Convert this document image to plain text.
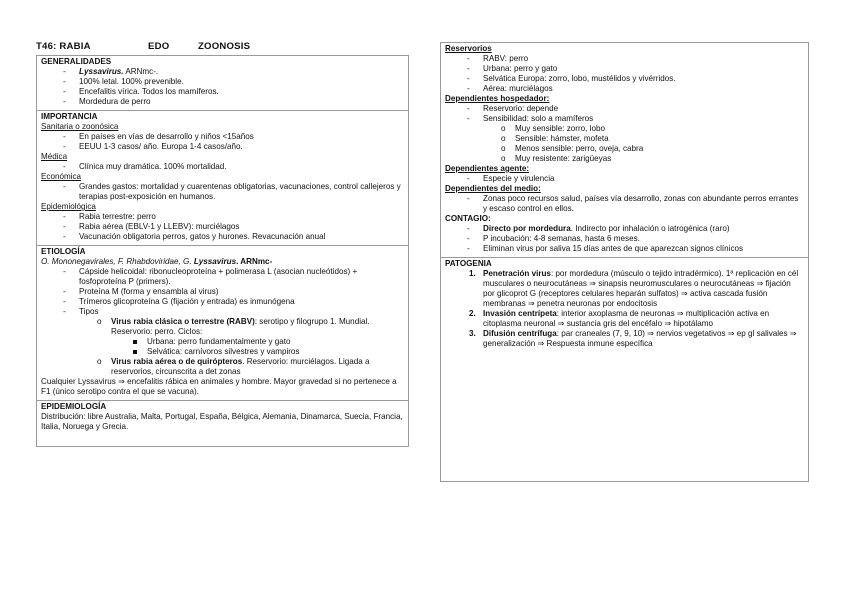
T46: RABIA	EDO	ZOONOSIS
GENERALIDADES
- Lyssavirus. ARNmc-.
- 100% letal. 100% prevenible.
- Encefalitis vírica. Todos los mamíferos.
- Mordedura de perro
IMPORTANCIA
Sanitaria o zoonósica
- En países en vías de desarrollo y niños <15años
- EEUU 1-3 casos/ año. Europa 1-4 casos/año.
Médica
- Clínica muy dramática. 100% mortalidad.
Económica
- Grandes gastos: mortalidad y cuarentenas obligatorias, vacunaciones, control callejeros y terapias post-exposición en humanos.
Epidemiológica
- Rabia terrestre: perro
- Rabia aérea (EBLV-1 y LLEBV): murciélagos
- Vacunación obligatoria perros, gatos y hurones. Revacunación anual
ETIOLOGÍA
O. Mononegavirales, F. Rhabdoviridae, G. Lyssavirus. ARNmc-
- Cápside helicoidal: ribonucleoproteína + polimerasa L (asocian nucleótidos) + fosfoproteína P (primers).
- Proteína M (forma y ensambla al virus)
- Trímeros glicoproteína G (fijación y entrada) es inmunógena
- Tipos
o Virus rabia clásica o terrestre (RABV): serotipo y filogrupo 1. Mundial. Reservorio: perro. Ciclos:
Urbana: perro fundamentalmente y gato
Selvática: carnívoros silvestres y vampiros
o Virus rabia aérea o de quirópteros. Reservorio: murciélagos. Ligada a reservorios, circunscrita a det zonas
Cualquier Lyssavirus ⇒ encefalitis rábica en animales y hombre. Mayor gravedad si no pertenece a F1 (único serotipo contra el que se vacuna).
EPIDEMIOLOGÍA
Distribución: libre Australia, Malta, Portugal, España, Bélgica, Alemania, Dinamarca, Suecia, Francia, Italia, Noruega y Grecia.
Reservorios
- RABV: perro
- Urbana: perro y gato
- Selvática Europa: zorro, lobo, mustélidos y vivérridos.
- Aérea: murciélagos
Dependientes hospedador:
- Reservorio: depende
- Sensibilidad: solo a mamíferos
o Muy sensible: zorro, lobo
o Sensible: hámster, mofeta
o Menos sensible: perro, oveja, cabra
o Muy resistente: zarigüeyas
Dependientes agente:
- Especie y virulencia
Dependientes del medio:
- Zonas poco recursos salud, países vía desarrollo, zonas con abundante perros errantes y escaso control en ellos.
CONTAGIO:
- Directo por mordedura. Indirecto por inhalación o iatrogénica (raro)
- P incubación: 4-8 semanas, hasta 6 meses.
- Eliminan virus por saliva 15 días antes de que aparezcan signos clínicos
PATOGENIA
1. Penetración virus: por mordedura (músculo o tejido intradérmico). 1ª replicación en cél musculares o neurocutáneas ⇒ sinapsis neuromusculares o neurocutáneas ⇒ fijación por glicoprot G (receptores celulares heparán sulfatos) ⇒ activa cascada fusión membranas ⇒ penetra neuronas por endocitosis
2. Invasión centrípeta: interior axoplasma de neuronas ⇒ multiplicación activa en citoplasma neuronal ⇒ sustancia gris del encéfalo ⇒ hipotálamo
3. Difusión centrífuga: par craneales (7, 9, 10) ⇒ nervios vegetativos ⇒ ep gl salivales ⇒ generalización ⇒ Respuesta inmune específica
